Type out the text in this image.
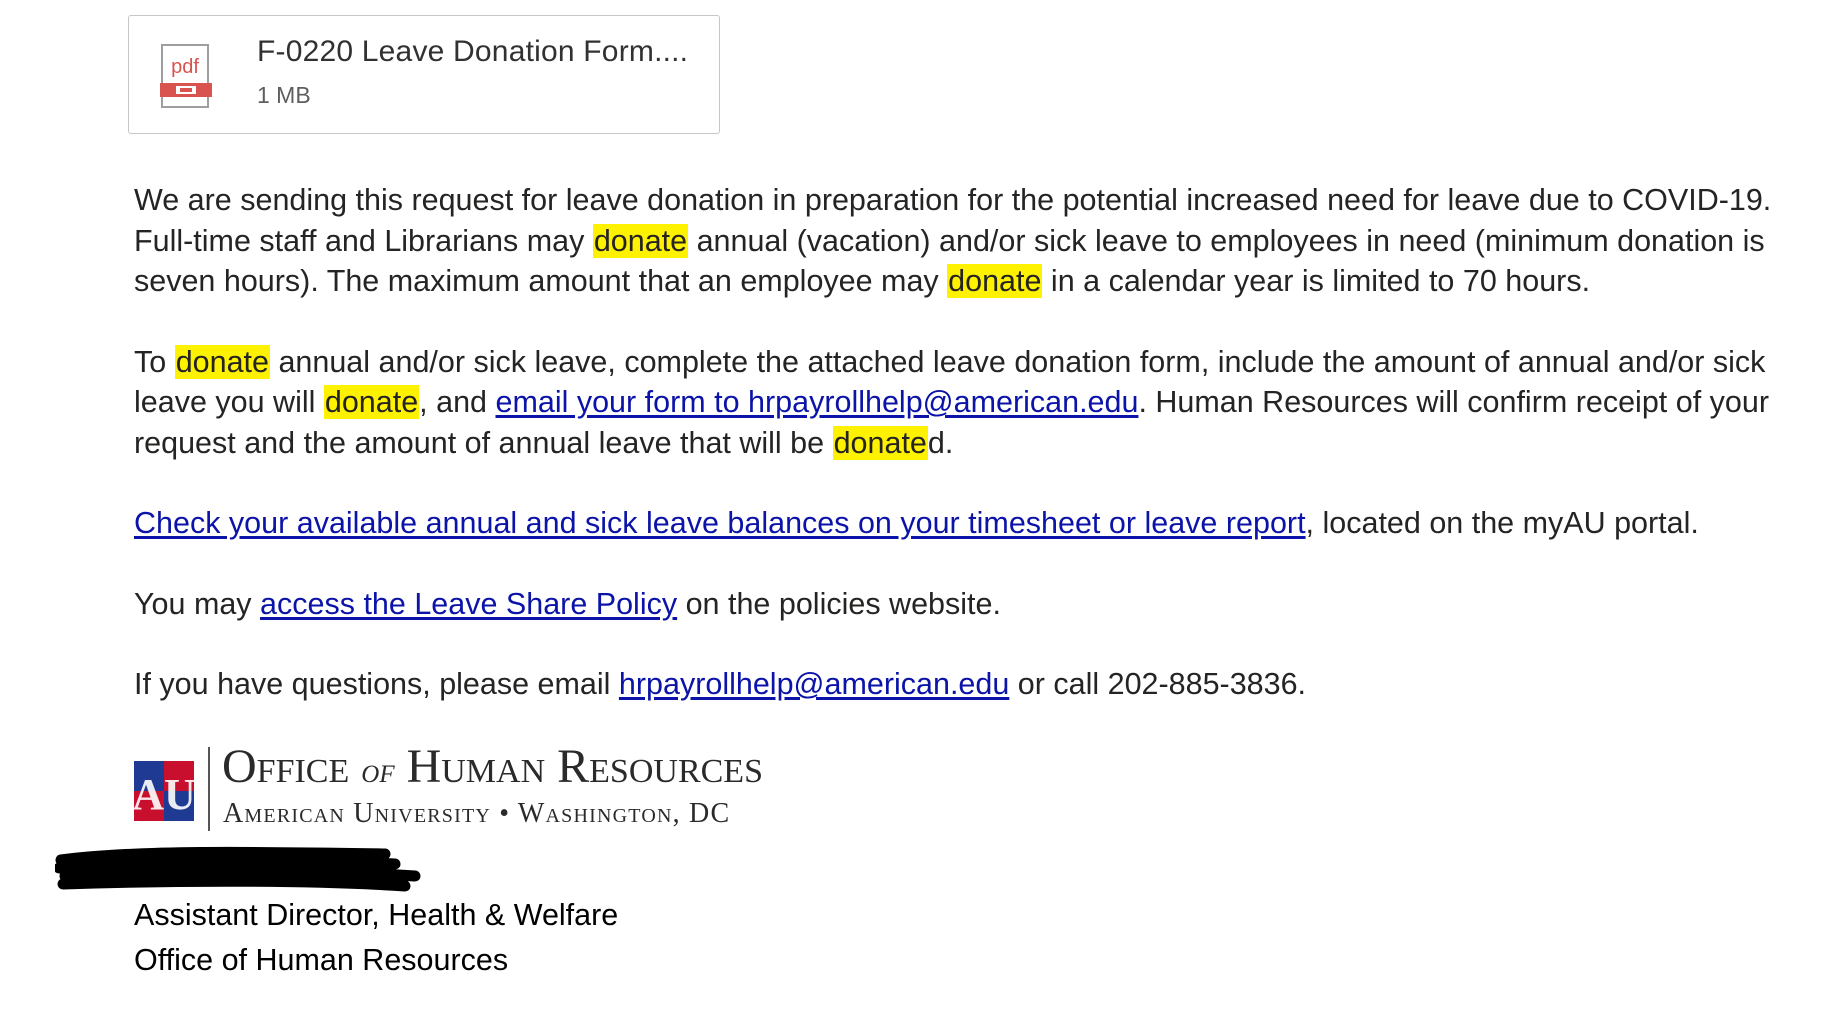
pdf F-0220 Leave Donation Form....
1 MB

We are sending this request for leave donation in preparation for the potential increased need for leave due to COVID-19. Full-time staff and Librarians may donate annual (vacation) and/or sick leave to employees in need (minimum donation is seven hours). The maximum amount that an employee may donate in a calendar year is limited to 70 hours.

To donate annual and/or sick leave, complete the attached leave donation form, include the amount of annual and/or sick leave you will donate, and email your form to hrpayrollhelp@american.edu. Human Resources will confirm receipt of your request and the amount of annual leave that will be donated.

Check your available annual and sick leave balances on your timesheet or leave report, located on the myAU portal.

You may access the Leave Share Policy on the policies website.

If you have questions, please email hrpayrollhelp@american.edu or call 202-885-3836.

AU
Office of Human Resources
American University • Washington, DC
Assistant Director, Health & Welfare
Office of Human Resources
